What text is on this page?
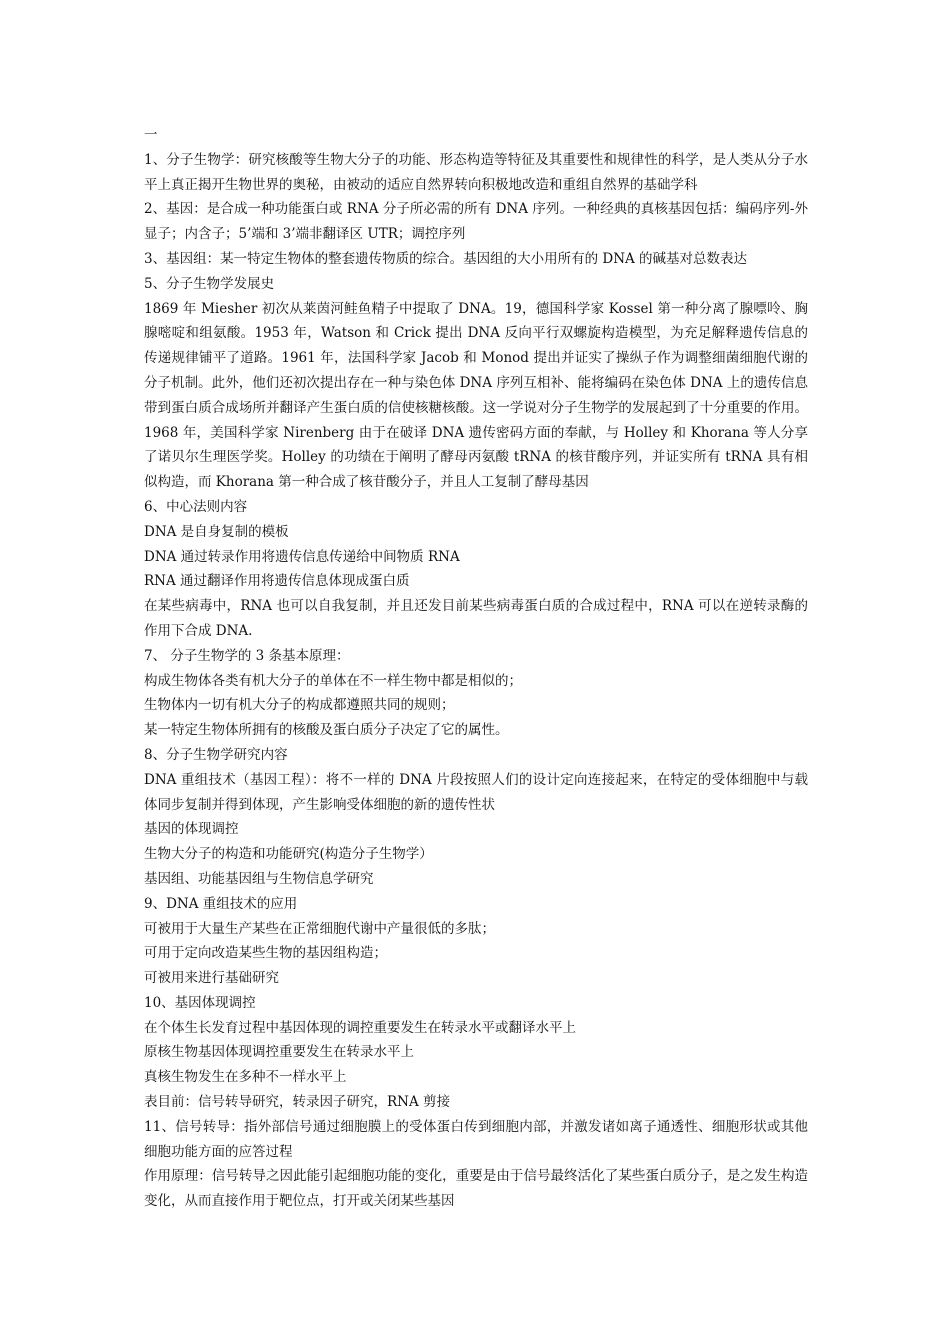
一

1、分子生物学：研究核酸等生物大分子的功能、形态构造等特征及其重要性和规律性的科学，是人类从分子水平上真正揭开生物世界的奥秘，由被动的适应自然界转向积极地改造和重组自然界的基础学科

2、基因：是合成一种功能蛋白或 RNA 分子所必需的所有 DNA 序列。一种经典的真核基因包括：编码序列-外显子；内含子；5’端和 3’端非翻译区 UTR；调控序列

3、基因组：某一特定生物体的整套遗传物质的综合。基因组的大小用所有的 DNA 的碱基对总数表达

5、分子生物学发展史

1869 年 Miesher 初次从莱茵河鲑鱼精子中提取了 DNA。19，德国科学家 Kossel 第一种分离了腺嘌呤、胸腺嘧啶和组氨酸。1953 年，Watson 和 Crick 提出 DNA 反向平行双螺旋构造模型，为充足解释遗传信息的传递规律铺平了道路。1961 年，法国科学家 Jacob 和 Monod 提出并证实了操纵子作为调整细菌细胞代谢的分子机制。此外，他们还初次提出存在一种与染色体 DNA 序列互相补、能将编码在染色体 DNA 上的遗传信息带到蛋白质合成场所并翻译产生蛋白质的信使核糖核酸。这一学说对分子生物学的发展起到了十分重要的作用。1968 年，美国科学家 Nirenberg 由于在破译 DNA 遗传密码方面的奉献，与 Holley 和 Khorana 等人分享了诺贝尔生理医学奖。Holley 的功绩在于阐明了酵母丙氨酸 tRNA 的核苷酸序列，并证实所有 tRNA 具有相似构造，而 Khorana 第一种合成了核苷酸分子，并且人工复制了酵母基因

6、中心法则内容

DNA 是自身复制的模板

DNA 通过转录作用将遗传信息传递给中间物质 RNA

RNA 通过翻译作用将遗传信息体现成蛋白质

在某些病毒中，RNA 也可以自我复制，并且还发目前某些病毒蛋白质的合成过程中，RNA 可以在逆转录酶的作用下合成 DNA.

7、 分子生物学的 3 条基本原理：

构成生物体各类有机大分子的单体在不一样生物中都是相似的；

生物体内一切有机大分子的构成都遵照共同的规则；

某一特定生物体所拥有的核酸及蛋白质分子决定了它的属性。

8、分子生物学研究内容

DNA 重组技术（基因工程）：将不一样的 DNA 片段按照人们的设计定向连接起来，在特定的受体细胞中与载体同步复制并得到体现，产生影响受体细胞的新的遗传性状

基因的体现调控

生物大分子的构造和功能研究(构造分子生物学）

基因组、功能基因组与生物信息学研究

9、DNA 重组技术的应用

可被用于大量生产某些在正常细胞代谢中产量很低的多肽；

可用于定向改造某些生物的基因组构造；

可被用来进行基础研究

10、基因体现调控

在个体生长发育过程中基因体现的调控重要发生在转录水平或翻译水平上

原核生物基因体现调控重要发生在转录水平上

真核生物发生在多种不一样水平上

表目前：信号转导研究，转录因子研究，RNA 剪接

11、信号转导：指外部信号通过细胞膜上的受体蛋白传到细胞内部，并激发诸如离子通透性、细胞形状或其他细胞功能方面的应答过程

作用原理：信号转导之因此能引起细胞功能的变化，重要是由于信号最终活化了某些蛋白质分子，是之发生构造变化，从而直接作用于靶位点，打开或关闭某些基因
